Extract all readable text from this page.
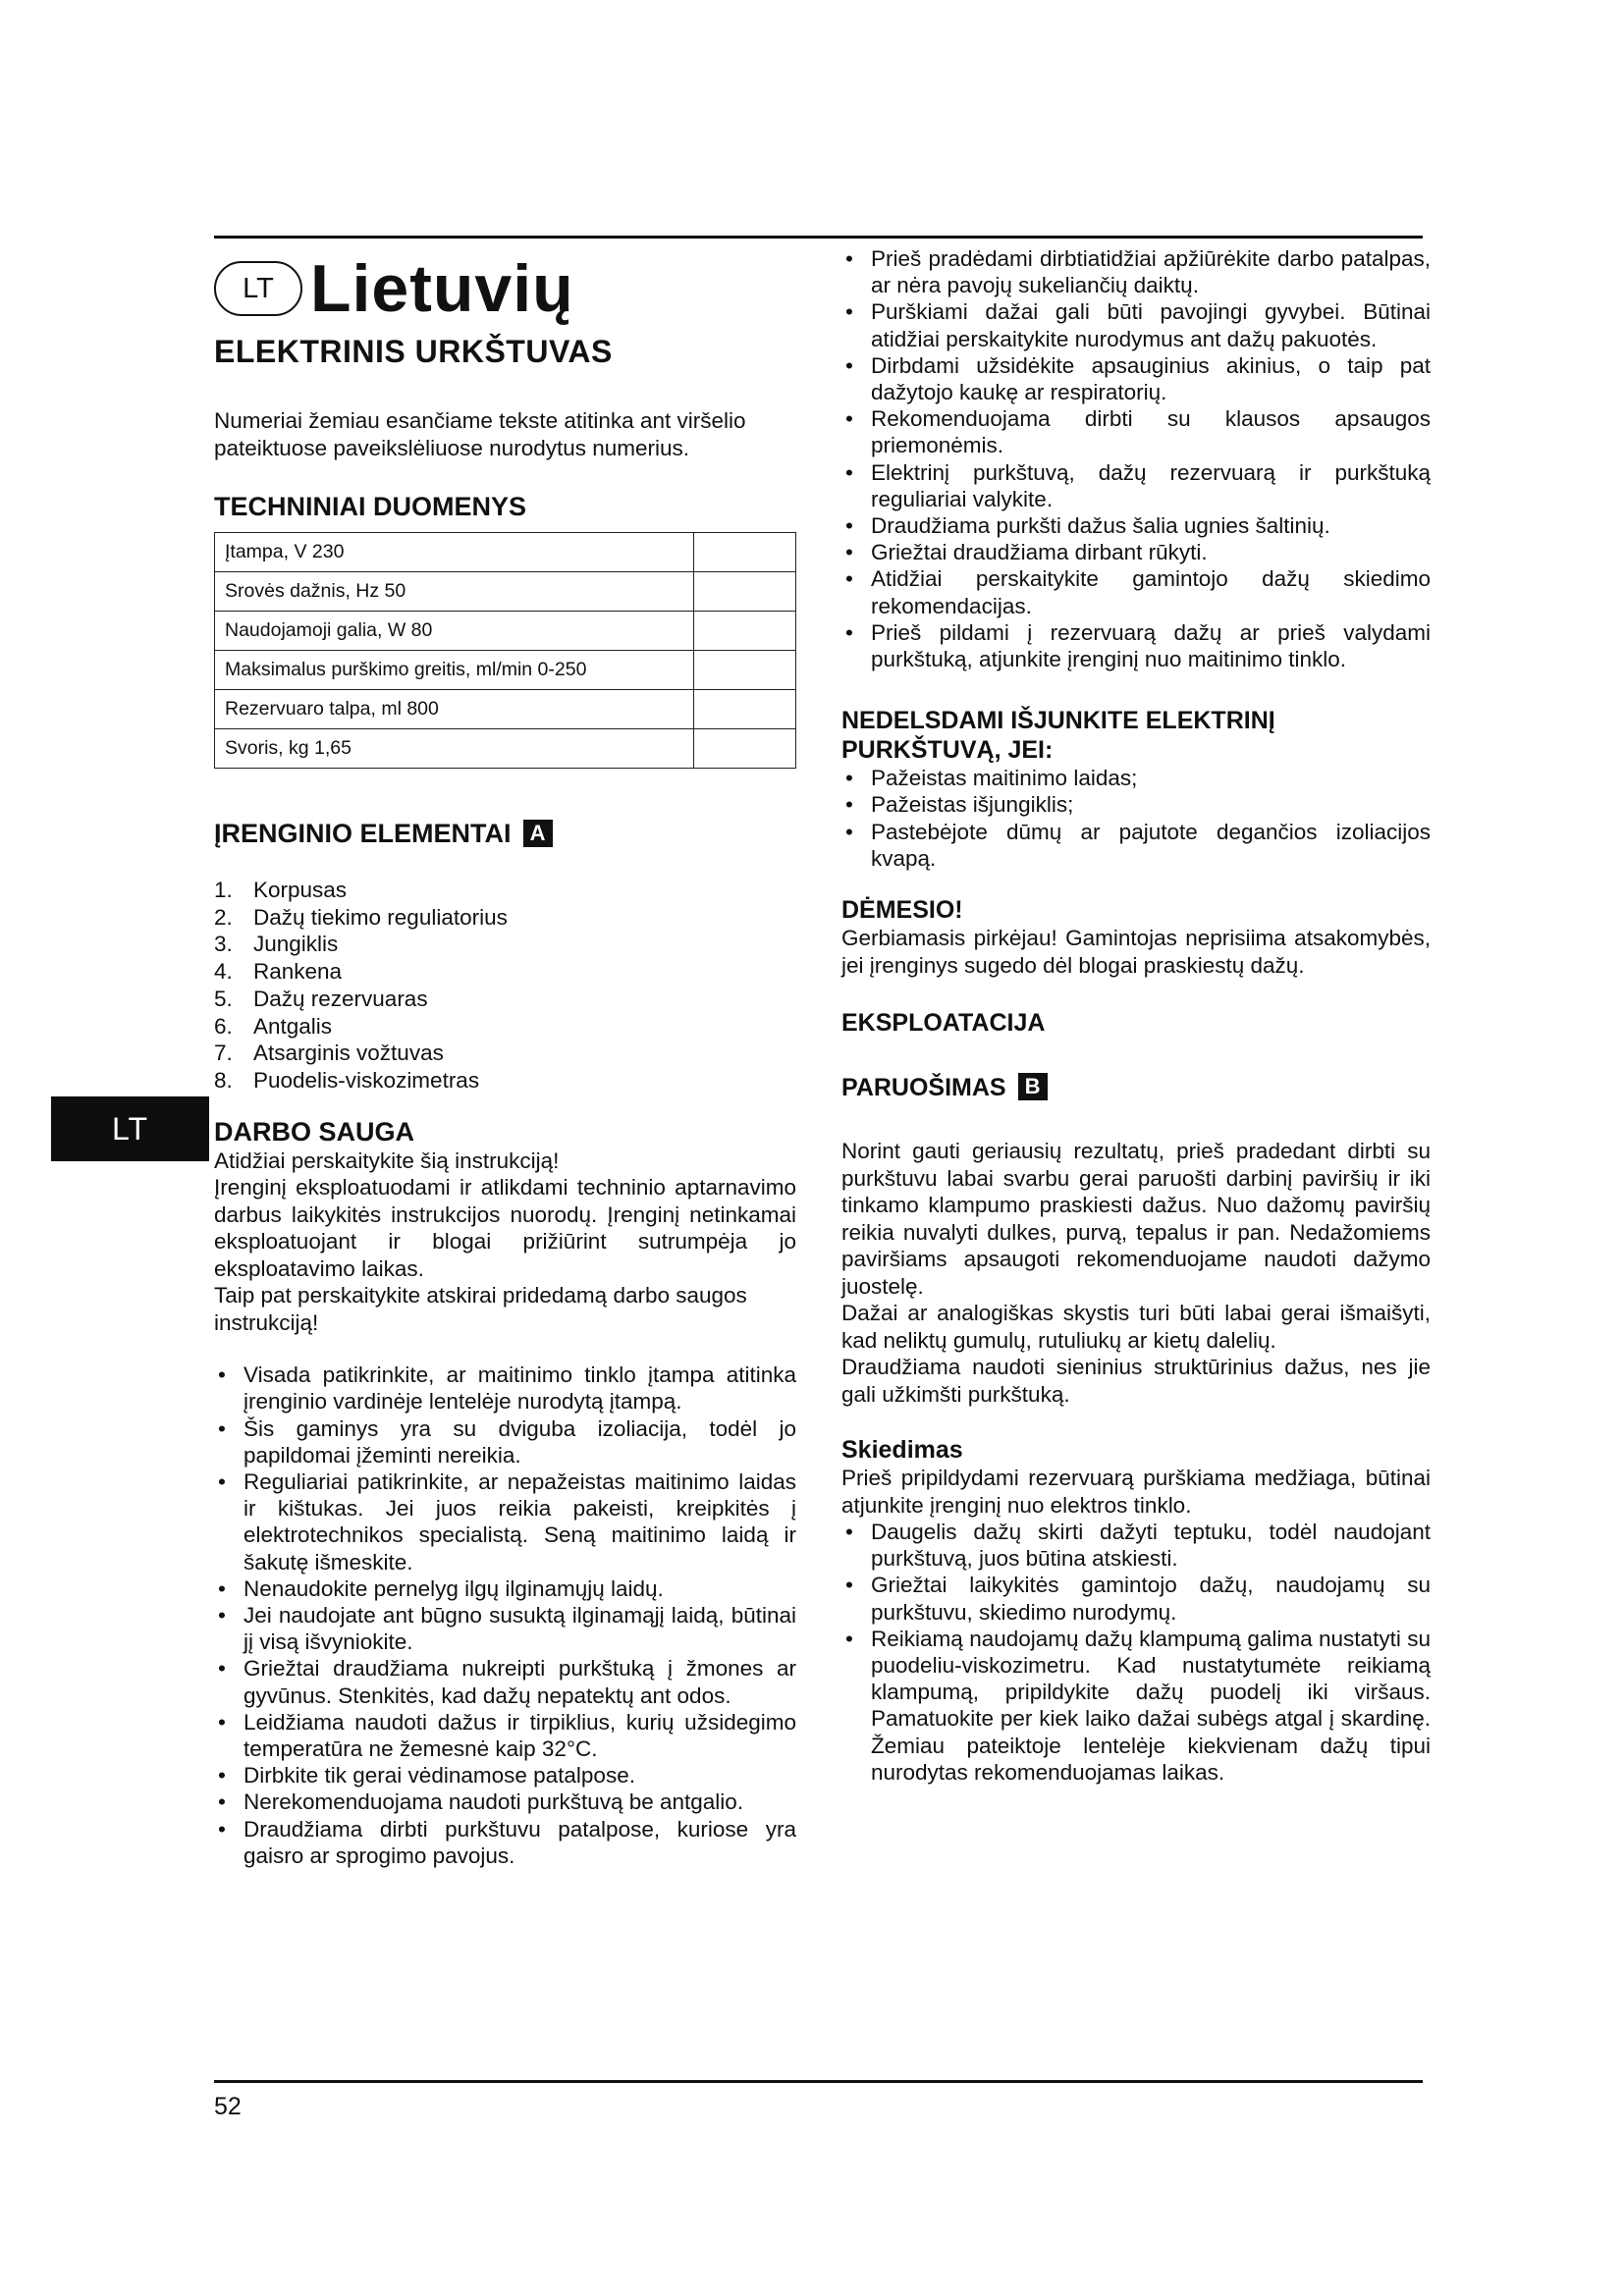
LT
LT Lietuvių
ELEKTRINIS URKŠTUVAS

Numeriai žemiau esančiame tekste atitinka ant viršelio pateiktuose paveikslėliuose nurodytus numerius.

TECHNINIAI DUOMENYS
Įtampa, V 230	
Srovės dažnis, Hz 50	
Naudojamoji galia, W 80	
Maksimalus purškimo greitis, ml/min 0-250	
Rezervuaro talpa, ml 800	
Svoris, kg 1,65	
ĮRENGINIO ELEMENTAI A
1. Korpusas
2. Dažų tiekimo reguliatorius
3. Jungiklis
4. Rankena
5. Dažų rezervuaras
6. Antgalis
7. Atsarginis vožtuvas
8. Puodelis-viskozimetras
DARBO SAUGA

Atidžiai perskaitykite šią instrukciją!

Įrenginį eksploatuodami ir atlikdami techninio aptarnavimo darbus laikykitės instrukcijos nuorodų. Įrenginį netinkamai eksploatuojant ir blogai prižiūrint sutrumpėja jo eksploatavimo laikas.

Taip pat perskaitykite atskirai pridedamą darbo saugos instrukciją!

• Visada patikrinkite, ar maitinimo tinklo įtampa atitinka įrenginio vardinėje lentelėje nurodytą įtampą.
• Šis gaminys yra su dviguba izoliacija, todėl jo papildomai įžeminti nereikia.
• Reguliariai patikrinkite, ar nepažeistas maitinimo laidas ir kištukas. Jei juos reikia pakeisti, kreipkitės į elektrotechnikos specialistą. Seną maitinimo laidą ir šakutę išmeskite.
• Nenaudokite pernelyg ilgų ilginamųjų laidų.
• Jei naudojate ant būgno susuktą ilginamąjį laidą, būtinai jį visą išvyniokite.
• Griežtai draudžiama nukreipti purkštuką į žmones ar gyvūnus. Stenkitės, kad dažų nepatektų ant odos.
• Leidžiama naudoti dažus ir tirpiklius, kurių užsidegimo temperatūra ne žemesnė kaip 32°C.
• Dirbkite tik gerai vėdinamose patalpose.
• Nerekomenduojama naudoti purkštuvą be antgalio.
• Draudžiama dirbti purkštuvu patalpose, kuriose yra gaisro ar sprogimo pavojus.
• Prieš pradėdami dirbtiatidžiai apžiūrėkite darbo patalpas, ar nėra pavojų sukeliančių daiktų.
• Purškiami dažai gali būti pavojingi gyvybei. Būtinai atidžiai perskaitykite nurodymus ant dažų pakuotės.
• Dirbdami užsidėkite apsauginius akinius, o taip pat dažytojo kaukę ar respiratorių.
• Rekomenduojama dirbti su klausos apsaugos priemonėmis.
• Elektrinį purkštuvą, dažų rezervuarą ir purkštuką reguliariai valykite.
• Draudžiama purkšti dažus šalia ugnies šaltinių.
• Griežtai draudžiama dirbant rūkyti.
• Atidžiai perskaitykite gamintojo dažų skiedimo rekomendacijas.
• Prieš pildami į rezervuarą dažų ar prieš valydami purkštuką, atjunkite įrenginį nuo maitinimo tinklo.
NEDELSDAMI IŠJUNKITE ELEKTRINĮ
PURKŠTUVĄ, JEI:
• Pažeistas maitinimo laidas;
• Pažeistas išjungiklis;
• Pastebėjote dūmų ar pajutote degančios izoliacijos kvapą.
DĖMESIO!

Gerbiamasis pirkėjau! Gamintojas neprisiima atsakomybės, jei įrenginys sugedo dėl blogai praskiestų dažų.

EKSPLOATACIJA
PARUOŠIMAS B

Norint gauti geriausių rezultatų, prieš pradedant dirbti su purkštuvu labai svarbu gerai paruošti darbinį paviršių ir iki tinkamo klampumo praskiesti dažus. Nuo dažomų paviršių reikia nuvalyti dulkes, purvą, tepalus ir pan. Nedažomiems paviršiams apsaugoti rekomenduojame naudoti dažymo juostelę.

Dažai ar analogiškas skystis turi būti labai gerai išmaišyti, kad neliktų gumulų, rutuliukų ar kietų dalelių.

Draudžiama naudoti sieninius struktūrinius dažus, nes jie gali užkimšti purkštuką.

Skiedimas

Prieš pripildydami rezervuarą purškiama medžiaga, būtinai atjunkite įrenginį nuo elektros tinklo.

• Daugelis dažų skirti dažyti teptuku, todėl naudojant purkštuvą, juos būtina atskiesti.
• Griežtai laikykitės gamintojo dažų, naudojamų su purkštuvu, skiedimo nurodymų.
• Reikiamą naudojamų dažų klampumą galima nustatyti su puodeliu-viskozimetru. Kad nustatytumėte reikiamą klampumą, pripildykite dažų puodelį iki viršaus. Pamatuokite per kiek laiko dažai subėgs atgal į skardinę. Žemiau pateiktoje lentelėje kiekvienam dažų tipui nurodytas rekomenduojamas laikas.
52
